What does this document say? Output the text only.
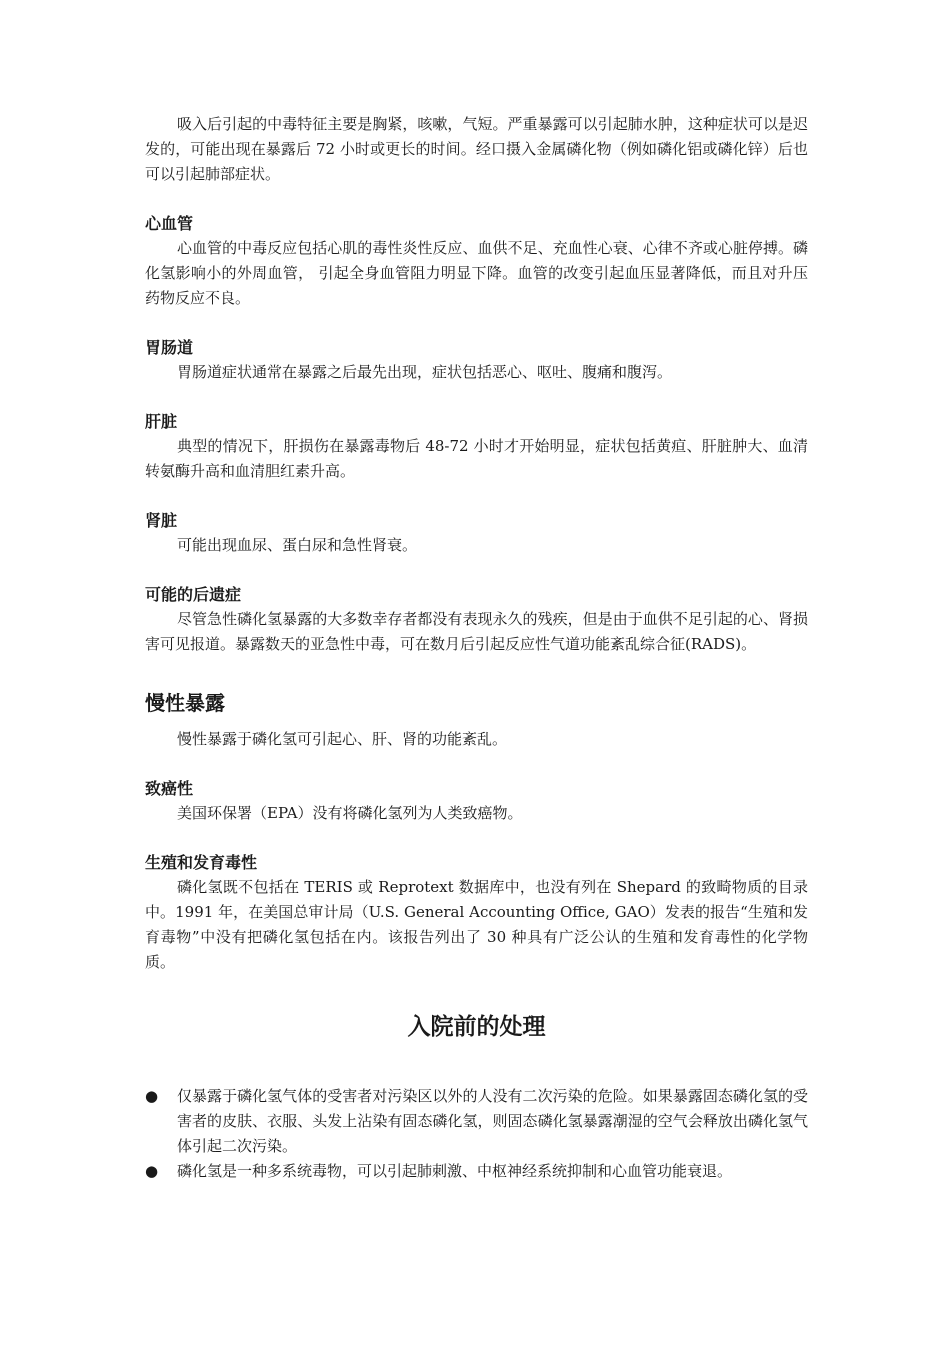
吸入后引起的中毒特征主要是胸紧，咳嗽，气短。严重暴露可以引起肺水肿，这种症状可以是迟发的，可能出现在暴露后 72 小时或更长的时间。经口摄入金属磷化物（例如磷化铝或磷化锌）后也可以引起肺部症状。

心血管

心血管的中毒反应包括心肌的毒性炎性反应、血供不足、充血性心衰、心律不齐或心脏停搏。磷化氢影响小的外周血管， 引起全身血管阻力明显下降。血管的改变引起血压显著降低，而且对升压药物反应不良。

胃肠道

胃肠道症状通常在暴露之后最先出现，症状包括恶心、呕吐、腹痛和腹泻。

肝脏

典型的情况下，肝损伤在暴露毒物后 48-72 小时才开始明显，症状包括黄疸、肝脏肿大、血清转氨酶升高和血清胆红素升高。

肾脏

可能出现血尿、蛋白尿和急性肾衰。

可能的后遗症

尽管急性磷化氢暴露的大多数幸存者都没有表现永久的残疾，但是由于血供不足引起的心、肾损害可见报道。暴露数天的亚急性中毒，可在数月后引起反应性气道功能紊乱综合征(RADS)。

慢性暴露

慢性暴露于磷化氢可引起心、肝、肾的功能紊乱。

致癌性

美国环保署（EPA）没有将磷化氢列为人类致癌物。

生殖和发育毒性

磷化氢既不包括在 TERIS 或 Reprotext 数据库中，也没有列在 Shepard 的致畸物质的目录中。1991 年，在美国总审计局（U.S. General Accounting Office, GAO）发表的报告“生殖和发育毒物”中没有把磷化氢包括在内。该报告列出了 30 种具有广泛公认的生殖和发育毒性的化学物质。

入院前的处理
●	仅暴露于磷化氢气体的受害者对污染区以外的人没有二次污染的危险。如果暴露固态磷化氢的受害者的皮肤、衣服、头发上沾染有固态磷化氢，则固态磷化氢暴露潮湿的空气会释放出磷化氢气体引起二次污染。
●	磷化氢是一种多系统毒物，可以引起肺刺激、中枢神经系统抑制和心血管功能衰退。
